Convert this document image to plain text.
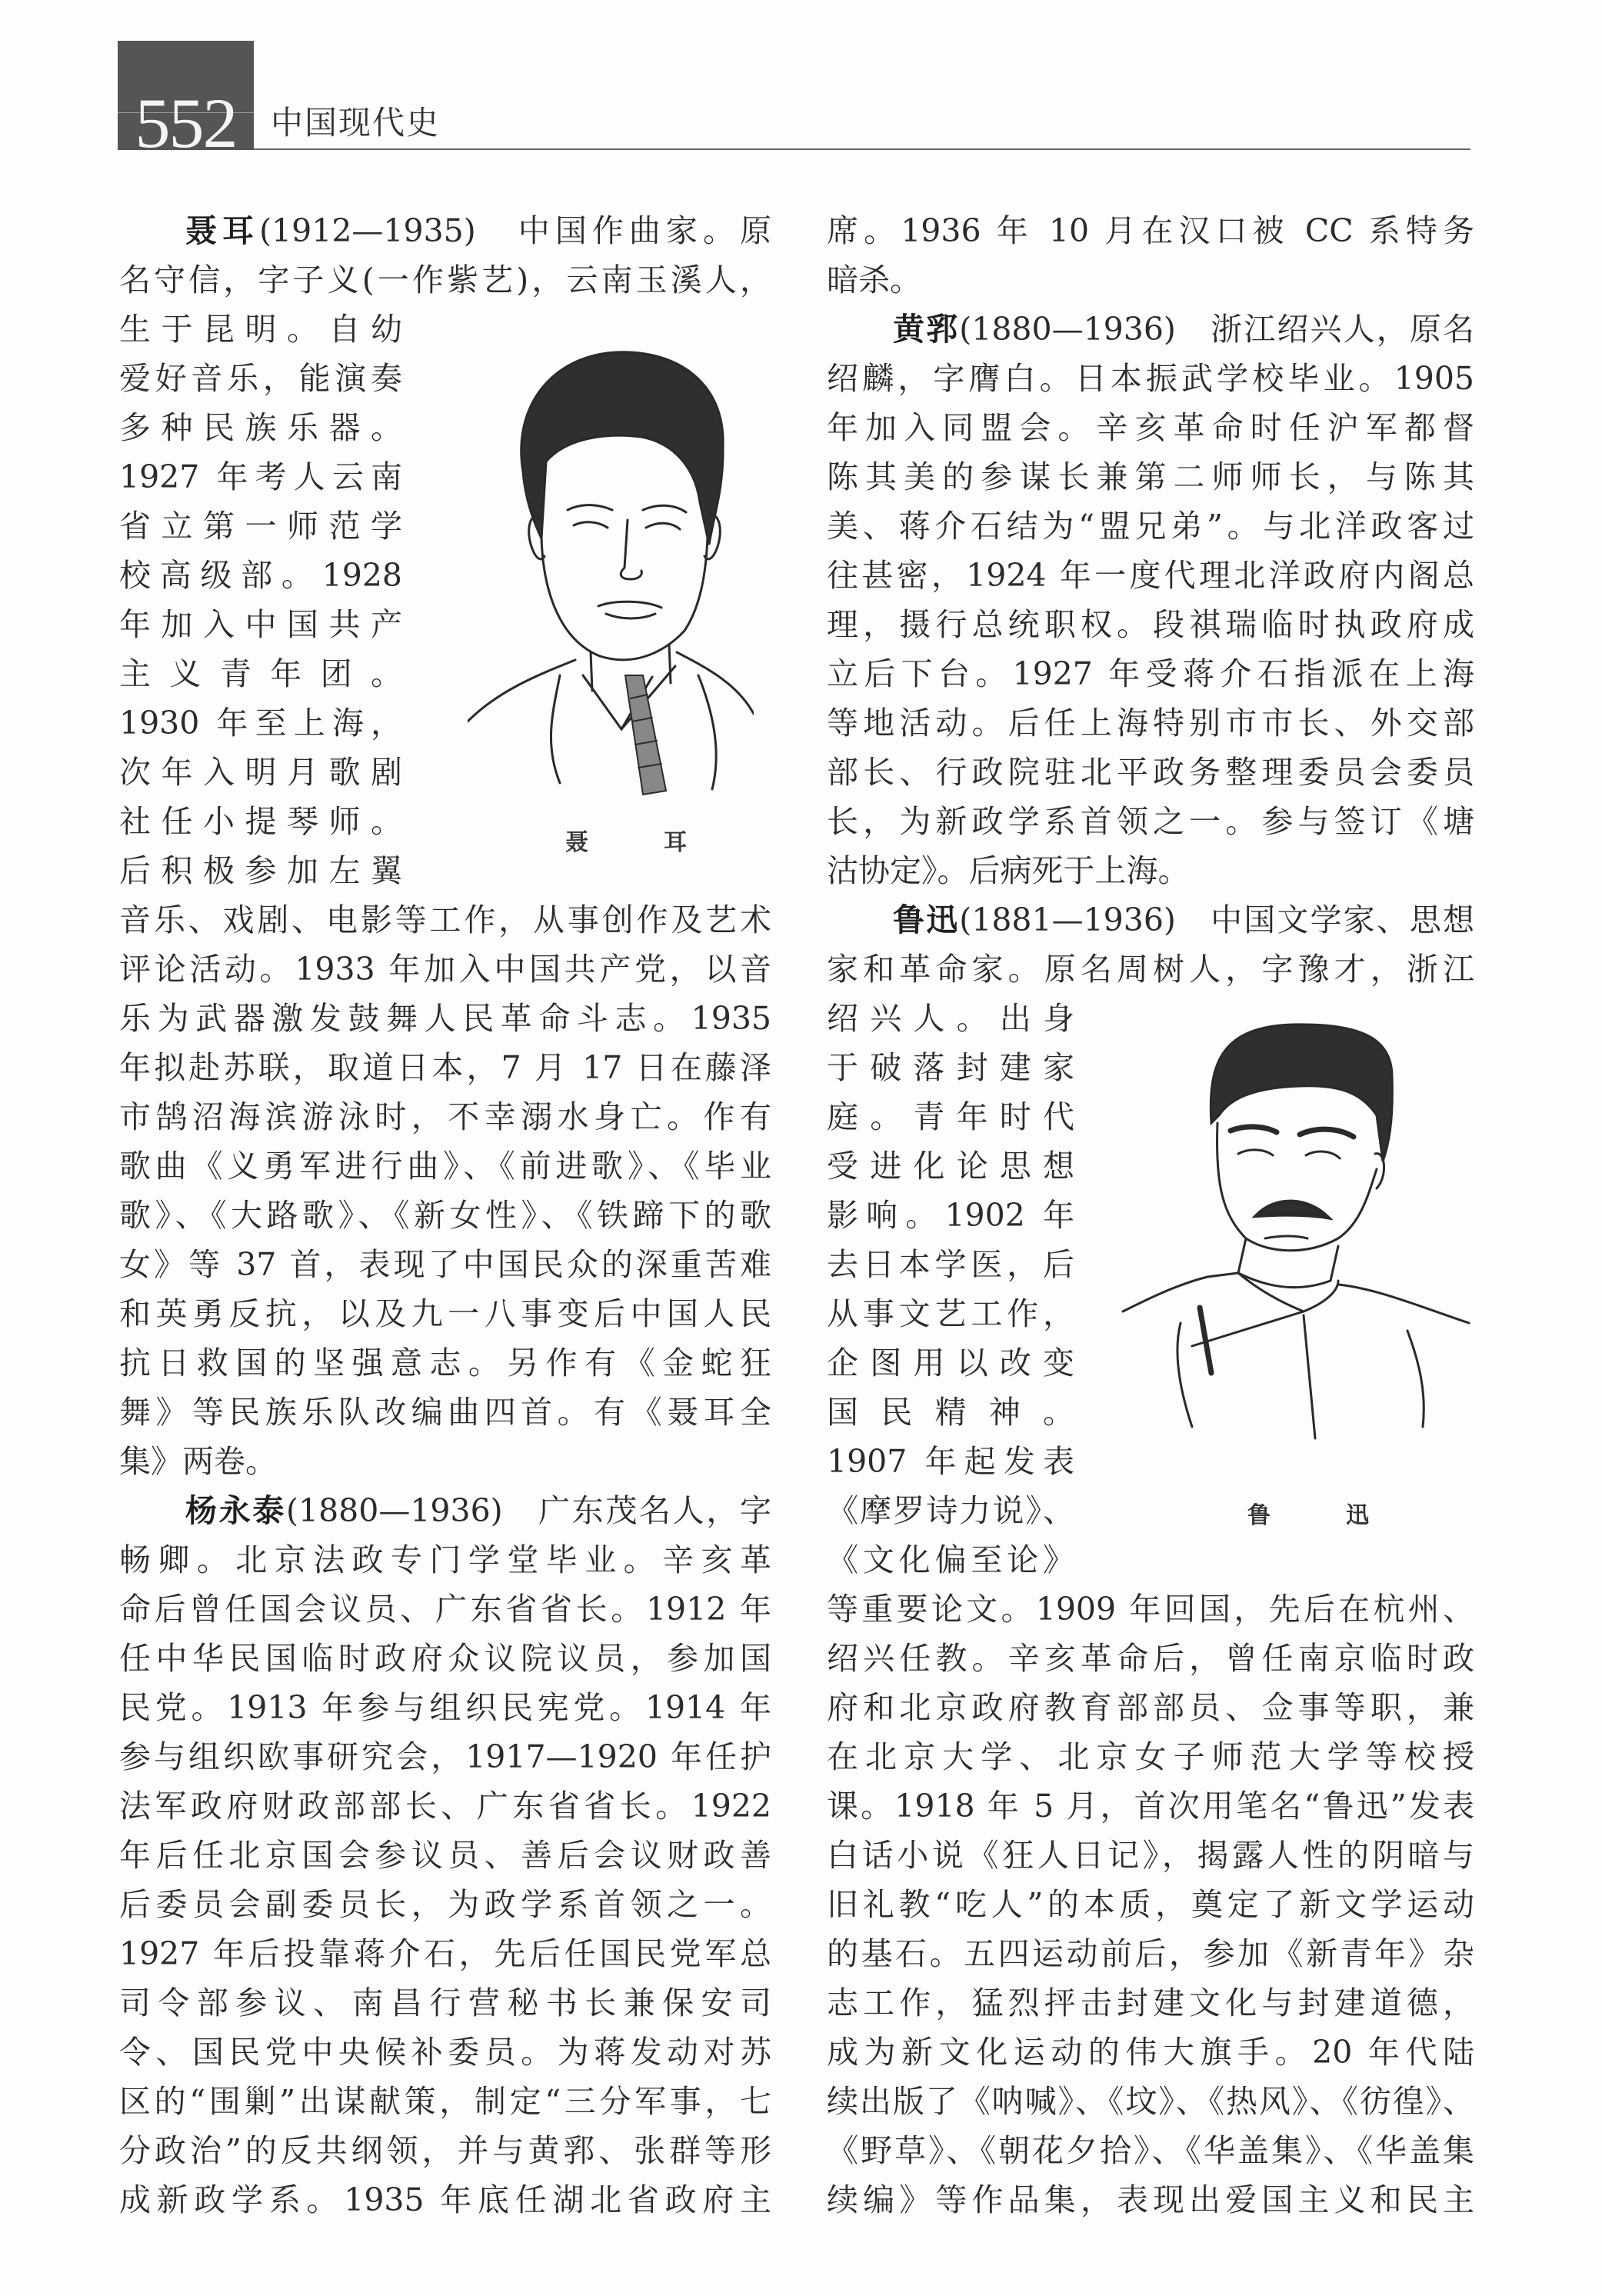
552	中国现代史
聂耳(1912—1935)　中国作曲家。原
名守信，字子义(一作紫艺)，云南玉溪人，
生于昆明。自幼
爱好音乐，能演奏
多种民族乐器。
1927 年考人云南
省立第一师范学
校高级部。1928
年加入中国共产
主义青年团。
1930 年至上海，
次年入明月歌剧
社任小提琴师。
后积极参加左翼
音乐、戏剧、电影等工作，从事创作及艺术
评论活动。1933 年加入中国共产党，以音
乐为武器激发鼓舞人民革命斗志。1935
年拟赴苏联，取道日本，7 月 17 日在藤泽
市鹄沼海滨游泳时，不幸溺水身亡。作有
歌曲《义勇军进行曲》、《前进歌》、《毕业
歌》、《大路歌》、《新女性》、《铁蹄下的歌
女》等 37 首，表现了中国民众的深重苦难
和英勇反抗，以及九一八事变后中国人民
抗日救国的坚强意志。另作有《金蛇狂
舞》等民族乐队改编曲四首。有《聂耳全
集》两卷。
杨永泰(1880—1936)　广东茂名人，字
畅卿。北京法政专门学堂毕业。辛亥革
命后曾任国会议员、广东省省长。1912 年
任中华民国临时政府众议院议员，参加国
民党。1913 年参与组织民宪党。1914 年
参与组织欧事研究会，1917—1920 年任护
法军政府财政部部长、广东省省长。1922
年后任北京国会参议员、善后会议财政善
后委员会副委员长，为政学系首领之一。
1927 年后投靠蒋介石，先后任国民党军总
司令部参议、南昌行营秘书长兼保安司
令、国民党中央候补委员。为蒋发动对苏
区的“围剿”出谋献策，制定“三分军事，七
分政治”的反共纲领，并与黄郛、张群等形
成新政学系。1935 年底任湖北省政府主
席。1936 年 10 月在汉口被 CC 系特务
暗杀。
黄郛(1880—1936)　浙江绍兴人，原名
绍麟，字膺白。日本振武学校毕业。1905
年加入同盟会。辛亥革命时任沪军都督
陈其美的参谋长兼第二师师长，与陈其
美、蒋介石结为“盟兄弟”。与北洋政客过
往甚密，1924 年一度代理北洋政府内阁总
理，摄行总统职权。段祺瑞临时执政府成
立后下台。1927 年受蒋介石指派在上海
等地活动。后任上海特别市市长、外交部
部长、行政院驻北平政务整理委员会委员
长，为新政学系首领之一。参与签订《塘
沽协定》。后病死于上海。
鲁迅(1881—1936)　中国文学家、思想
家和革命家。原名周树人，字豫才，浙江
绍兴人。出身
于破落封建家
庭。青年时代
受进化论思想
影响。1902 年
去日本学医，后
从事文艺工作，
企图用以改变
国民精神。
1907 年起发表
《摩罗诗力说》、
《文化偏至论》
等重要论文。1909 年回国，先后在杭州、
绍兴任教。辛亥革命后，曾任南京临时政
府和北京政府教育部部员、佥事等职，兼
在北京大学、北京女子师范大学等校授
课。1918 年 5 月，首次用笔名“鲁迅”发表
白话小说《狂人日记》，揭露人性的阴暗与
旧礼教“吃人”的本质，奠定了新文学运动
的基石。五四运动前后，参加《新青年》杂
志工作，猛烈抨击封建文化与封建道德，
成为新文化运动的伟大旗手。20 年代陆
续出版了《呐喊》、《坟》、《热风》、《彷徨》、
《野草》、《朝花夕拾》、《华盖集》、《华盖集
续编》等作品集，表现出爱国主义和民主
聂　耳
鲁　迅
